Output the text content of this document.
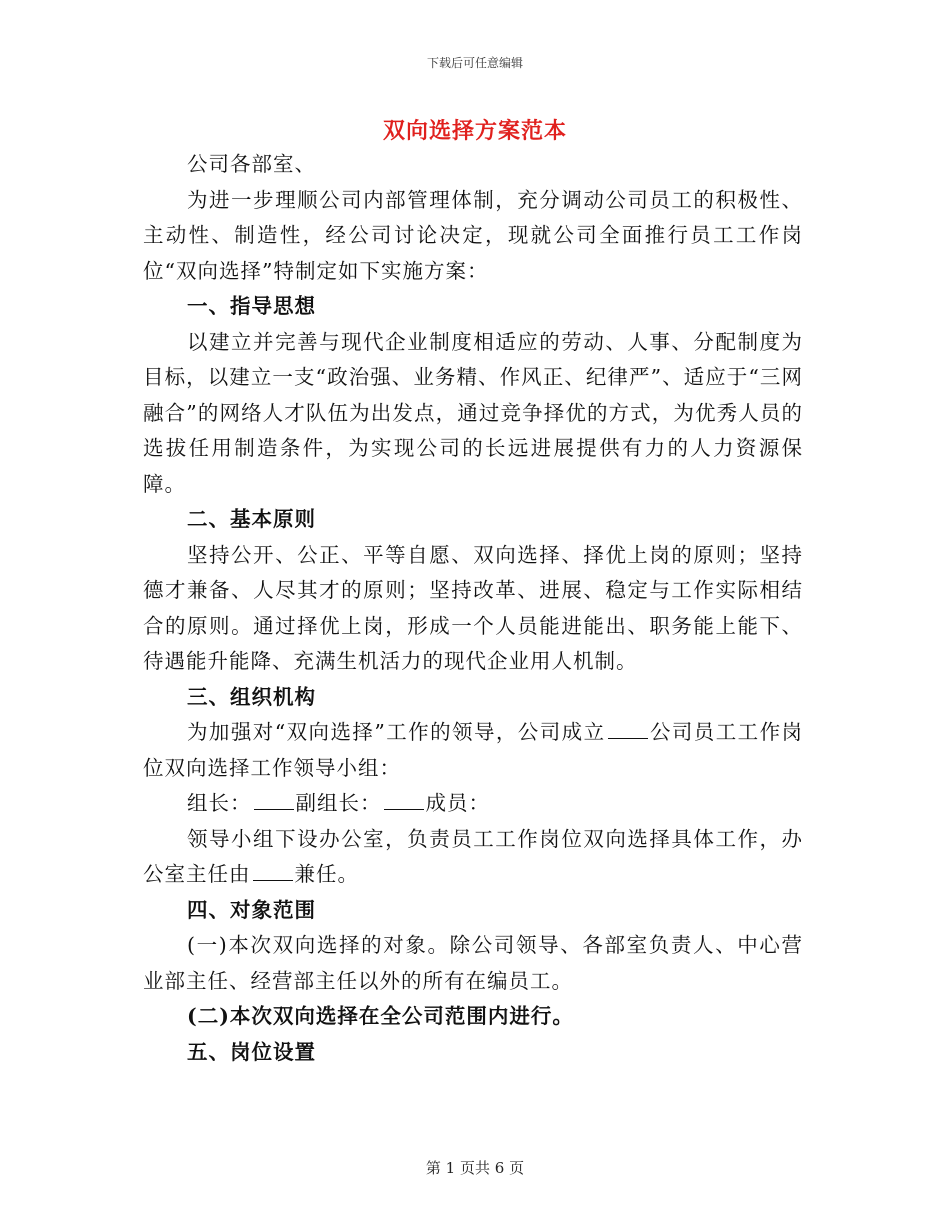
下载后可任意编辑
双向选择方案范本

公司各部室、

为进一步理顺公司内部管理体制，充分调动公司员工的积极性、主动性、制造性，经公司讨论决定，现就公司全面推行员工工作岗位“双向选择”特制定如下实施方案：

一、指导思想

以建立并完善与现代企业制度相适应的劳动、人事、分配制度为目标，以建立一支“政治强、业务精、作风正、纪律严”、适应于“三网融合”的网络人才队伍为出发点，通过竞争择优的方式，为优秀人员的选拔任用制造条件，为实现公司的长远进展提供有力的人力资源保障。

二、基本原则

坚持公开、公正、平等自愿、双向选择、择优上岗的原则；坚持德才兼备、人尽其才的原则；坚持改革、进展、稳定与工作实际相结合的原则。通过择优上岗，形成一个人员能进能出、职务能上能下、待遇能升能降、充满生机活力的现代企业用人机制。

三、组织机构

为加强对“双向选择”工作的领导，公司成立 公司员工工作岗位双向选择工作领导小组：

组长： 副组长： 成员：

领导小组下设办公室，负责员工工作岗位双向选择具体工作，办公室主任由 兼任。

四、对象范围

(一)本次双向选择的对象。除公司领导、各部室负责人、中心营业部主任、经营部主任以外的所有在编员工。

(二)本次双向选择在全公司范围内进行。

五、岗位设置

第 1 页共 6 页
